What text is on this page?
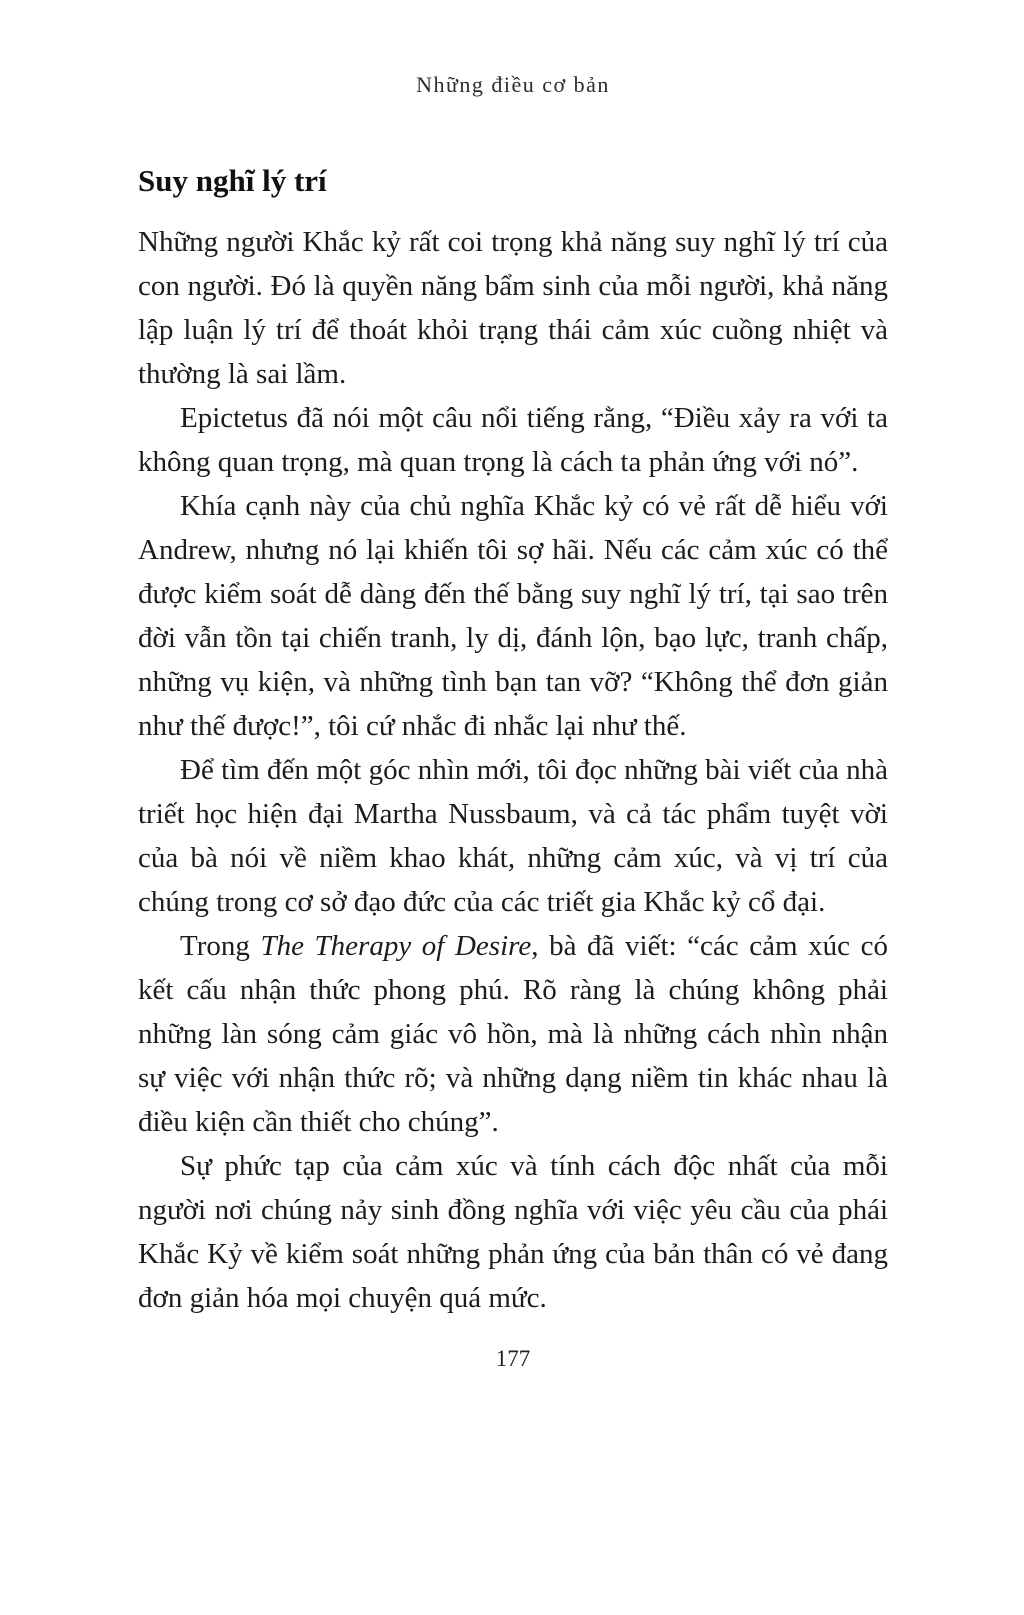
Những điều cơ bản
Suy nghĩ lý trí

Những người Khắc kỷ rất coi trọng khả năng suy nghĩ lý trí của con người. Đó là quyền năng bẩm sinh của mỗi người, khả năng lập luận lý trí để thoát khỏi trạng thái cảm xúc cuồng nhiệt và thường là sai lầm.

Epictetus đã nói một câu nổi tiếng rằng, “Điều xảy ra với ta không quan trọng, mà quan trọng là cách ta phản ứng với nó”.

Khía cạnh này của chủ nghĩa Khắc kỷ có vẻ rất dễ hiểu với Andrew, nhưng nó lại khiến tôi sợ hãi. Nếu các cảm xúc có thể được kiểm soát dễ dàng đến thế bằng suy nghĩ lý trí, tại sao trên đời vẫn tồn tại chiến tranh, ly dị, đánh lộn, bạo lực, tranh chấp, những vụ kiện, và những tình bạn tan vỡ? “Không thể đơn giản như thế được!”, tôi cứ nhắc đi nhắc lại như thế.

Để tìm đến một góc nhìn mới, tôi đọc những bài viết của nhà triết học hiện đại Martha Nussbaum, và cả tác phẩm tuyệt vời của bà nói về niềm khao khát, những cảm xúc, và vị trí của chúng trong cơ sở đạo đức của các triết gia Khắc kỷ cổ đại.

Trong The Therapy of Desire, bà đã viết: “các cảm xúc có kết cấu nhận thức phong phú. Rõ ràng là chúng không phải những làn sóng cảm giác vô hồn, mà là những cách nhìn nhận sự việc với nhận thức rõ; và những dạng niềm tin khác nhau là điều kiện cần thiết cho chúng”.

Sự phức tạp của cảm xúc và tính cách độc nhất của mỗi người nơi chúng nảy sinh đồng nghĩa với việc yêu cầu của phái Khắc Kỷ về kiểm soát những phản ứng của bản thân có vẻ đang đơn giản hóa mọi chuyện quá mức.

177
